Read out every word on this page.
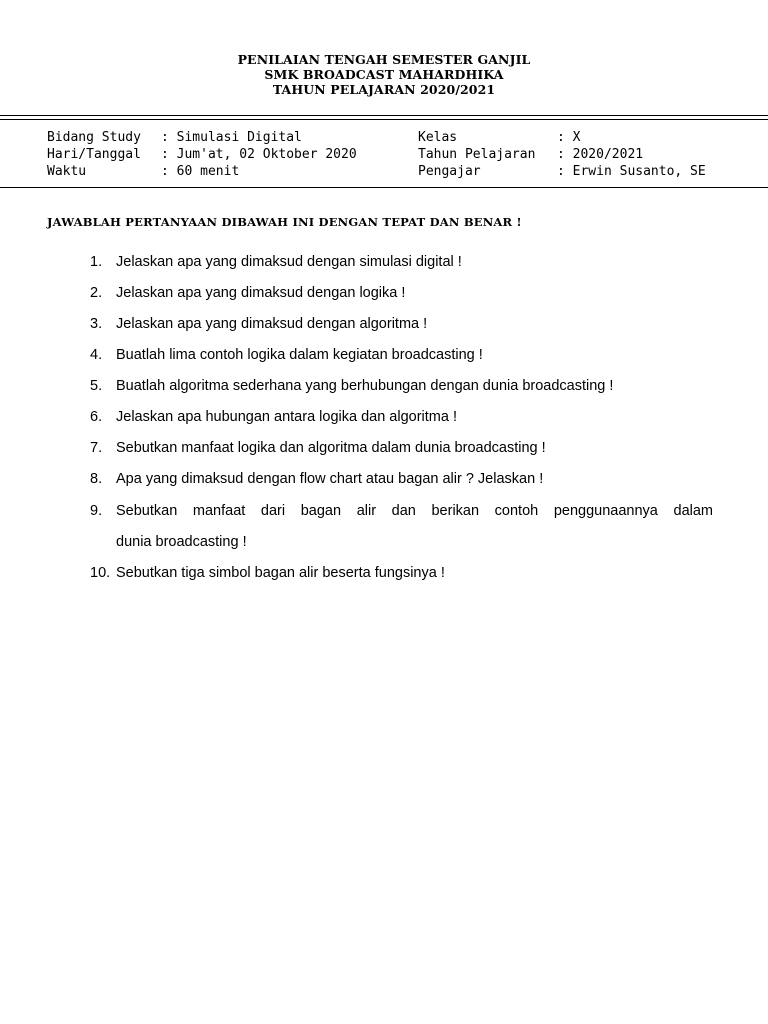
PENILAIAN TENGAH SEMESTER GANJIL
SMK BROADCAST MAHARDHIKA
TAHUN PELAJARAN 2020/2021
Bidang Study : Simulasi Digital	Kelas	: X
Hari/Tanggal : Jum'at, 02 Oktober 2020	Tahun Pelajaran : 2020/2021
Waktu	: 60 menit	Pengajar	: Erwin Susanto, SE
JAWABLAH PERTANYAAN DIBAWAH INI DENGAN TEPAT DAN BENAR !
1. Jelaskan apa yang dimaksud dengan simulasi digital !
2. Jelaskan apa yang dimaksud dengan logika !
3. Jelaskan apa yang dimaksud dengan algoritma !
4. Buatlah lima contoh logika dalam kegiatan broadcasting !
5. Buatlah algoritma sederhana yang berhubungan dengan dunia broadcasting !
6. Jelaskan apa hubungan antara logika dan algoritma !
7. Sebutkan manfaat logika dan algoritma dalam dunia broadcasting !
8. Apa yang dimaksud dengan flow chart atau bagan alir ? Jelaskan !
9. Sebutkan manfaat dari bagan alir dan berikan contoh penggunaannya dalam
dunia broadcasting !
10. Sebutkan tiga simbol bagan alir beserta fungsinya !
